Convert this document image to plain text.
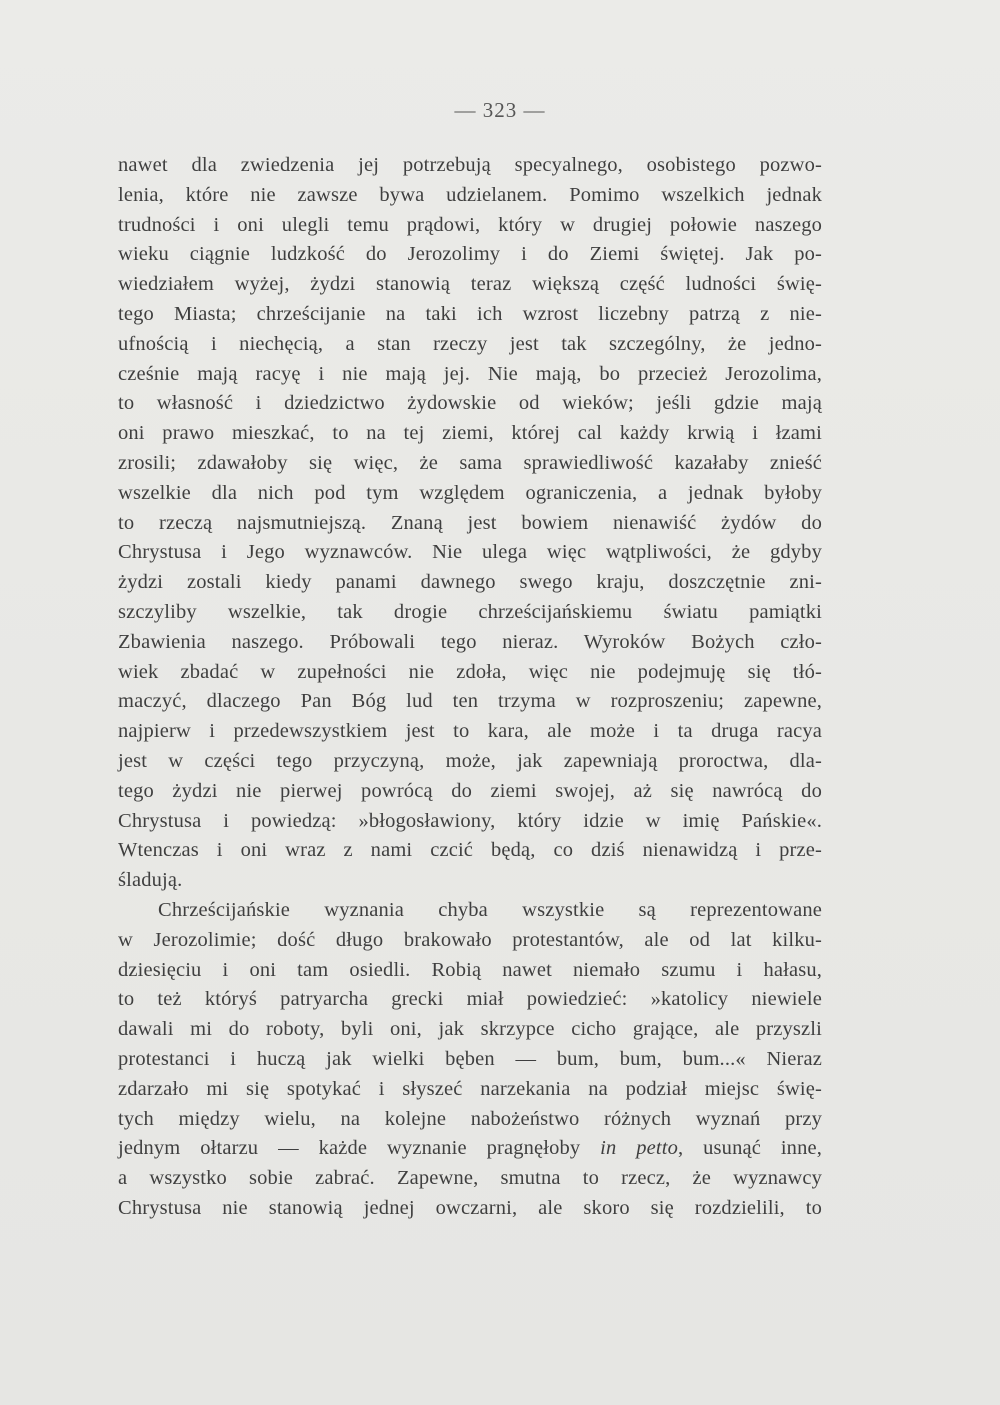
— 323 —
nawet dla zwiedzenia jej potrzebują specyalnego, osobistego pozwo-
lenia, które nie zawsze bywa udzielanem. Pomimo wszelkich jednak
trudności i oni ulegli temu prądowi, który w drugiej połowie naszego
wieku ciągnie ludzkość do Jerozolimy i do Ziemi świętej. Jak po-
wiedziałem wyżej, żydzi stanowią teraz większą część ludności świę-
tego Miasta; chrześcijanie na taki ich wzrost liczebny patrzą z nie-
ufnością i niechęcią, a stan rzeczy jest tak szczególny, że jedno-
cześnie mają racyę i nie mają jej. Nie mają, bo przecież Jerozolima,
to własność i dziedzictwo żydowskie od wieków; jeśli gdzie mają
oni prawo mieszkać, to na tej ziemi, której cal każdy krwią i łzami
zrosili; zdawałoby się więc, że sama sprawiedliwość kazałaby znieść
wszelkie dla nich pod tym względem ograniczenia, a jednak byłoby
to rzeczą najsmutniejszą. Znaną jest bowiem nienawiść żydów do
Chrystusa i Jego wyznawców. Nie ulega więc wątpliwości, że gdyby
żydzi zostali kiedy panami dawnego swego kraju, doszczętnie zni-
szczyliby wszelkie, tak drogie chrześcijańskiemu światu pamiątki
Zbawienia naszego. Próbowali tego nieraz. Wyroków Bożych czło-
wiek zbadać w zupełności nie zdoła, więc nie podejmuję się tłó-
maczyć, dlaczego Pan Bóg lud ten trzyma w rozproszeniu; zapewne,
najpierw i przedewszystkiem jest to kara, ale może i ta druga racya
jest w części tego przyczyną, może, jak zapewniają proroctwa, dla-
tego żydzi nie pierwej powrócą do ziemi swojej, aż się nawrócą do
Chrystusa i powiedzą: »błogosławiony, który idzie w imię Pańskie«.
Wtenczas i oni wraz z nami czcić będą, co dziś nienawidzą i prze-
śladują.
Chrześcijańskie wyznania chyba wszystkie są reprezentowane
w Jerozolimie; dość długo brakowało protestantów, ale od lat kilku-
dziesięciu i oni tam osiedli. Robią nawet niemało szumu i hałasu,
to też któryś patryarcha grecki miał powiedzieć: »katolicy niewiele
dawali mi do roboty, byli oni, jak skrzypce cicho grające, ale przyszli
protestanci i huczą jak wielki bęben — bum, bum, bum...« Nieraz
zdarzało mi się spotykać i słyszeć narzekania na podział miejsc świę-
tych między wielu, na kolejne nabożeństwo różnych wyznań przy
jednym ołtarzu — każde wyznanie pragnęłoby in petto, usunąć inne,
a wszystko sobie zabrać. Zapewne, smutna to rzecz, że wyznawcy
Chrystusa nie stanowią jednej owczarni, ale skoro się rozdzielili, to
